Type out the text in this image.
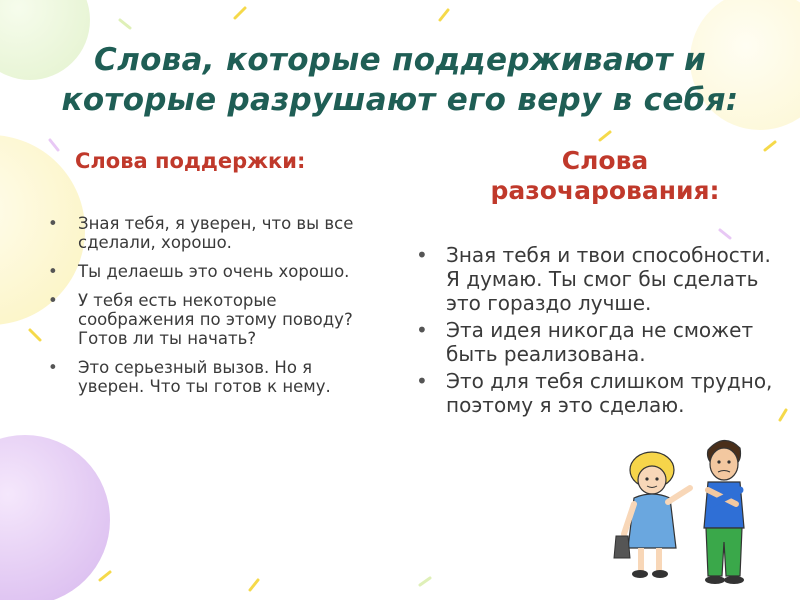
Слова, которые поддерживают и
которые разрушают его веру в себя:
Слова поддержки:
• Зная тебя, я уверен, что вы все сделали, хорошо.
• Ты делаешь это очень хорошо.
• У тебя есть некоторые соображения по этому поводу? Готов ли ты начать?
• Это серьезный вызов. Но я уверен. Что ты готов к нему.
Слова
разочарования:
• Зная тебя и твои способности. Я думаю. Ты смог бы сделать это гораздо лучше.
• Эта идея никогда не сможет быть реализована.
• Это для тебя слишком трудно, поэтому я это сделаю.
